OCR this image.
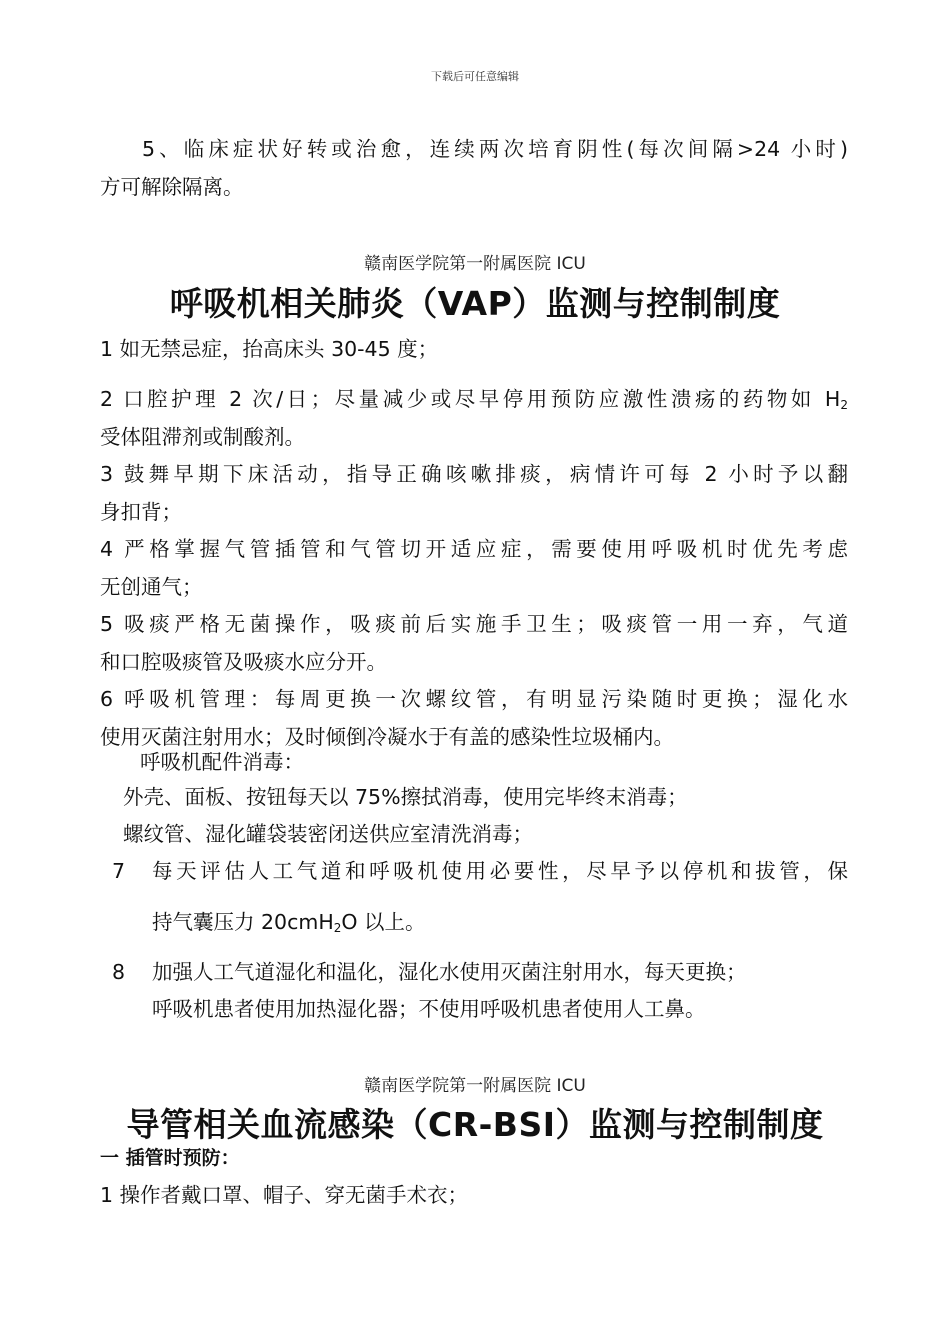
下载后可任意编辑
5、临床症状好转或治愈，连续两次培育阴性(每次间隔>24 小时)
方可解除隔离。
赣南医学院第一附属医院 ICU
呼吸机相关肺炎（VAP）监测与控制制度
1 如无禁忌症，抬高床头 30-45 度；
2 口腔护理 2 次/日；尽量减少或尽早停用预防应激性溃疡的药物如 $H_2$
受体阻滞剂或制酸剂。
3 鼓舞早期下床活动，指导正确咳嗽排痰，病情许可每 2 小时予以翻
身扣背；
4 严格掌握气管插管和气管切开适应症，需要使用呼吸机时优先考虑
无创通气；
5 吸痰严格无菌操作，吸痰前后实施手卫生；吸痰管一用一弃，气道
和口腔吸痰管及吸痰水应分开。
6 呼吸机管理：每周更换一次螺纹管，有明显污染随时更换；湿化水
使用灭菌注射用水；及时倾倒冷凝水于有盖的感染性垃圾桶内。
呼吸机配件消毒：
外壳、面板、按钮每天以 75%擦拭消毒，使用完毕终末消毒；
螺纹管、湿化罐袋装密闭送供应室清洗消毒；
7 每天评估人工气道和呼吸机使用必要性，尽早予以停机和拔管，保
持气囊压力 20cmH$_2$O 以上。
8 加强人工气道湿化和温化，湿化水使用灭菌注射用水，每天更换；
呼吸机患者使用加热湿化器；不使用呼吸机患者使用人工鼻。
赣南医学院第一附属医院 ICU
导管相关血流感染（CR-BSI）监测与控制制度
一 插管时预防：
1 操作者戴口罩、帽子、穿无菌手术衣；
